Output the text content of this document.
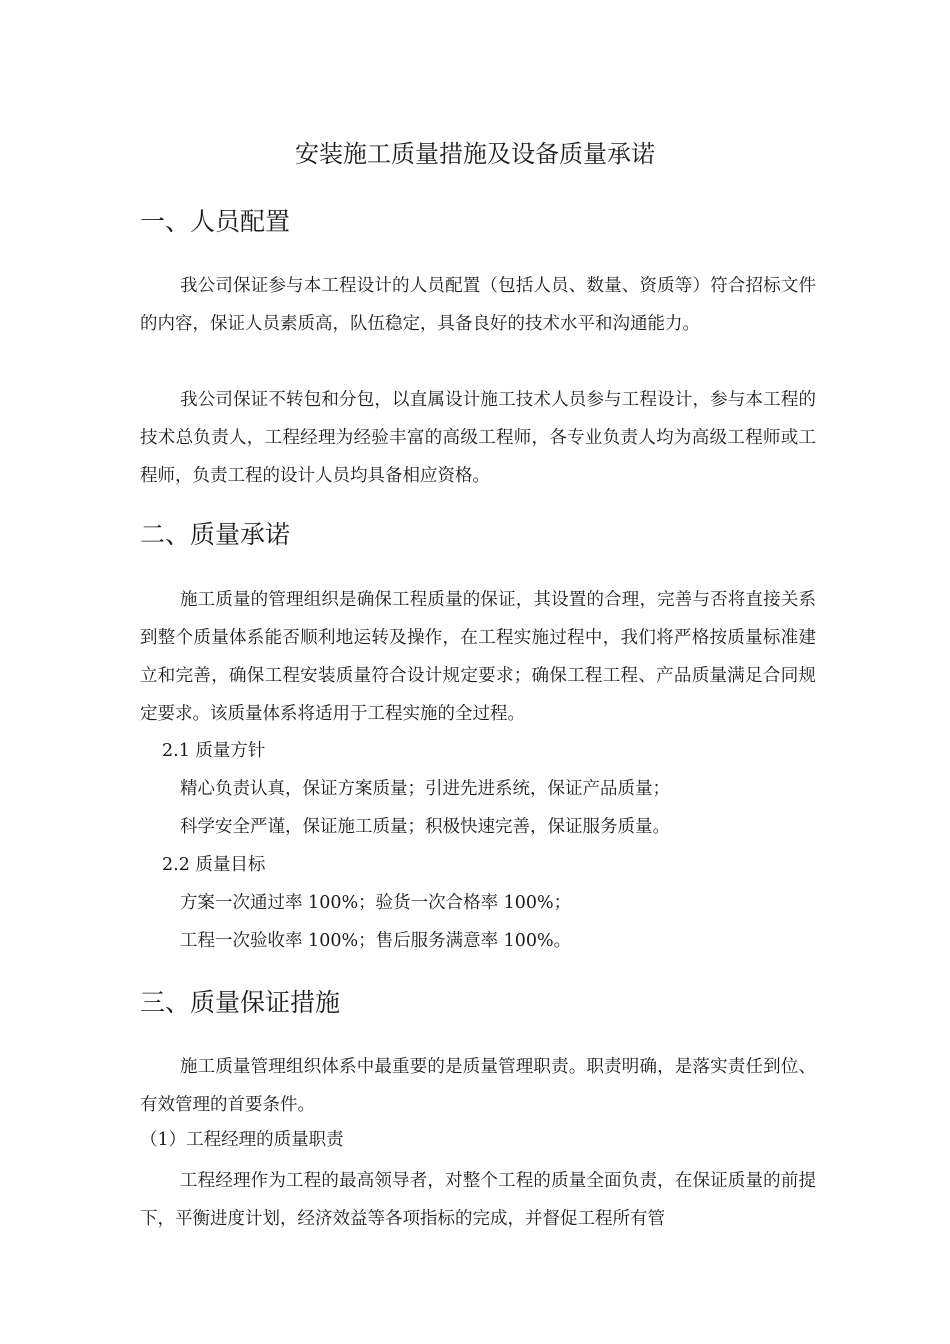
安装施工质量措施及设备质量承诺
一、人员配置

我公司保证参与本工程设计的人员配置（包括人员、数量、资质等）符合招标文件的内容，保证人员素质高，队伍稳定，具备良好的技术水平和沟通能力。

我公司保证不转包和分包，以直属设计施工技术人员参与工程设计，参与本工程的技术总负责人，工程经理为经验丰富的高级工程师，各专业负责人均为高级工程师或工程师，负责工程的设计人员均具备相应资格。

二、质量承诺

施工质量的管理组织是确保工程质量的保证，其设置的合理，完善与否将直接关系到整个质量体系能否顺利地运转及操作，在工程实施过程中，我们将严格按质量标准建立和完善，确保工程安装质量符合设计规定要求；确保工程工程、产品质量满足合同规定要求。该质量体系将适用于工程实施的全过程。

2.1 质量方针
精心负责认真，保证方案质量；引进先进系统，保证产品质量；
科学安全严谨，保证施工质量；积极快速完善，保证服务质量。
2.2 质量目标
方案一次通过率 100%；验货一次合格率 100%；
工程一次验收率 100%；售后服务满意率 100%。
三、质量保证措施

施工质量管理组织体系中最重要的是质量管理职责。职责明确，是落实责任到位、有效管理的首要条件。

（1）工程经理的质量职责

工程经理作为工程的最高领导者，对整个工程的质量全面负责，在保证质量的前提下，平衡进度计划，经济效益等各项指标的完成，并督促工程所有管
